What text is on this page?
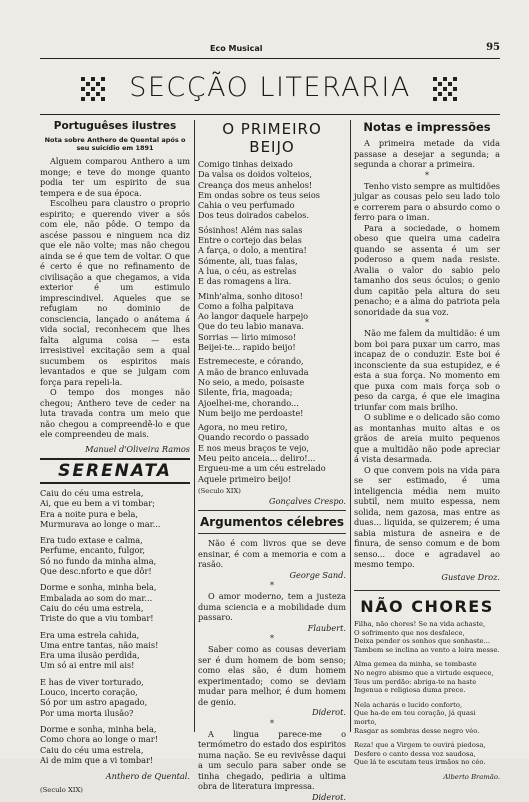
Eco Musical	95
SECÇÃO LITERARIA
Portuguêses ilustres
Nota sobre Anthero de Quental após o seu suicídio em 1891

Alguem comparou Anthero a um monge; e teve do monge quanto podia ter um espirito de sua tempera e de sua época.

Escolheu para claustro o proprio espirito; e querendo viver a sós com ele, não pôde. O tempo da ascése passou e ninguem nca diz que ele não volte; mas não chegou ainda se é que tem de voltar. O que é certo é que no refinamento de civilisação a que chegamos, a vida exterior é um estimulo imprescindivel. Aqueles que se refugiam no dominio de consciencia, lançado o anátema á vida social, reconhecem que lhes falta alguma coisa — esta irresistivel excitação sem a qual sucumbem os espiritos mais levantados e que se julgam com força para repeli-la.

O tempo dos monges não chegou; Anthero teve de ceder na luta travada contra um meio que não chegou a compreendê-lo e que ele compreendeu de mais.

Manuel d'Oliveira Ramos

SERENATA
Caiu do céu uma estrela,
Ai, que eu bem a vi tombar;
Era a noite pura e bela,
Murmurava ao longe o mar...
Era tudo extase e calma,
Perfume, encanto, fulgor,
Só no fundo da minha alma,
Que desc.nforto e que dôr!
Dorme e sonha, minha bela,
Embalada ao som do mar...
Caiu do céu uma estrela,
Triste do que a viu tombar!
Era uma estrela cahida,
Uma entre tantas, não mais!
Era uma ilusão perdida,
Um só ai entre mil ais!
E has de viver torturado,
Louco, incerto coração,
Só por um astro apagado,
Por uma morta ilusão?
Dorme e sonha, minha bela,
Como chora ao longe o mar!
Caiu do céu uma estrela,
Ai de mim que a vi tombar!

Anthero de Quental.

(Seculo XIX)

O PRIMEIRO BEIJO
Comigo tinhas deixado
Da valsa os doidos volteios,
Creança dos meus anhelos!
Em ondas sobre os teus seios
Cahia o veu perfumado
Dos teus doirados cabelos.
Sósinhos! Além nas salas
Entre o cortejo das belas
A farça, o dolo, a mentira!
Sómente, ali, tuas falas,
A lua, o céu, as estrelas
E das romagens a lira.
Minh'alma, sonho ditoso!
Como a folha palpitava
Ao langor daquele harpejo
Que do teu labio manava.
Sorrias — lirio mimoso!
Beijei-te... rapido beijo!
Estremeceste, e córando,
A mão de branco enluvada
No seio, a medo, poisaste
Silente, fria, magoada;
Ajoelhei-me, chorando...
Num beijo me perdoaste!
Agora, no meu retiro,
Quando recordo o passado
E nos meus braços te vejo,
Meu peito anceia... deliro!...
Ergueu-me a um céu estrelado
Aquele primeiro beijo!

(Seculo XIX)

Gonçalves Crespo.

Argumentos célebres

Não é com livros que se deve ensinar, é com a memoria e com a rasão.

George Sand.

*

O amor moderno, tem a justeza duma sciencia e a mobilidade dum passaro.

Flaubert.

*

Saber como as cousas deveriam ser é dum homem de bom senso; como elas são, é dum homem experimentado; como se deviam mudar para melhor, é dum homem de genio.

Diderot.

*

A lingua parece-me o termómetro do estado dos espiritos numa nação. Se eu revivêsse daqui a um seculo para saber onde se tinha chegado, pediria a ultima obra de literatura impressa.

Diderot.

Notas e impressões

A primeira metade da vida passase a desejar a segunda; a segunda a chorar a primeira.

*

Tenho visto sempre as multidões julgar as cousas pelo seu lado tolo e correrem para o absurdo como o ferro para o iman.

Para a sociedade, o homem obeso que queira uma cadeira quando se assenta é um ser poderoso a quem nada resiste. Avalia o valor do sabio pelo tamanho dos seus óculos; o genio dum capitão pela altura do seu penacho; e a alma do patriota pela sonoridade da sua voz.

*

Não me falem da multidão: é um bom boi para puxar um carro, mas incapaz de o conduzir. Este boi é inconsciente da sua estupidez, e é esta a sua força. No momento em que puxa com mais força sob o peso da carga, é que ele imagina triunfar com mais brilho.

O sublime e o delicado são como as montanhas muito altas e os grãos de areia muito pequenos que a multidão não pode apreciar á vista desarmada.

O que convem pois na vida para se ser estimado, é uma inteligencia média nem muito subtil, nem muito espessa, nem solida, nem gazosa, mas entre as duas... liquida, se quizerem; é uma sabia mistura de asneira e de finura, de senso comum e de bom senso... doce e agradavel ao mesmo tempo.

Gustave Droz.

NÃO CHORES
Filha, não chores! Se na vida achaste,
O sofrimento que nos desfalece,
Deixa pender os sonhos que sonhaste...
Tambem se inclina ao vento a loira messe.
Alma gemea da minha, se tombaste
No negro abismo que a virtude esquece,
Teus um perdão: abriga-te na haste
Ingenua e religiosa duma prece.
Nela acharás o lucido conforto,
Que ha-de em teu coração, já quasi morto,
Rasgar as sombras desse negro véo.
Reza! que a Virgem te ouvirá piedosa,
Desfere o canto dessa voz saudosa,
Que lá te escutam teus irmãos no céo.

Alberto Bramão.
